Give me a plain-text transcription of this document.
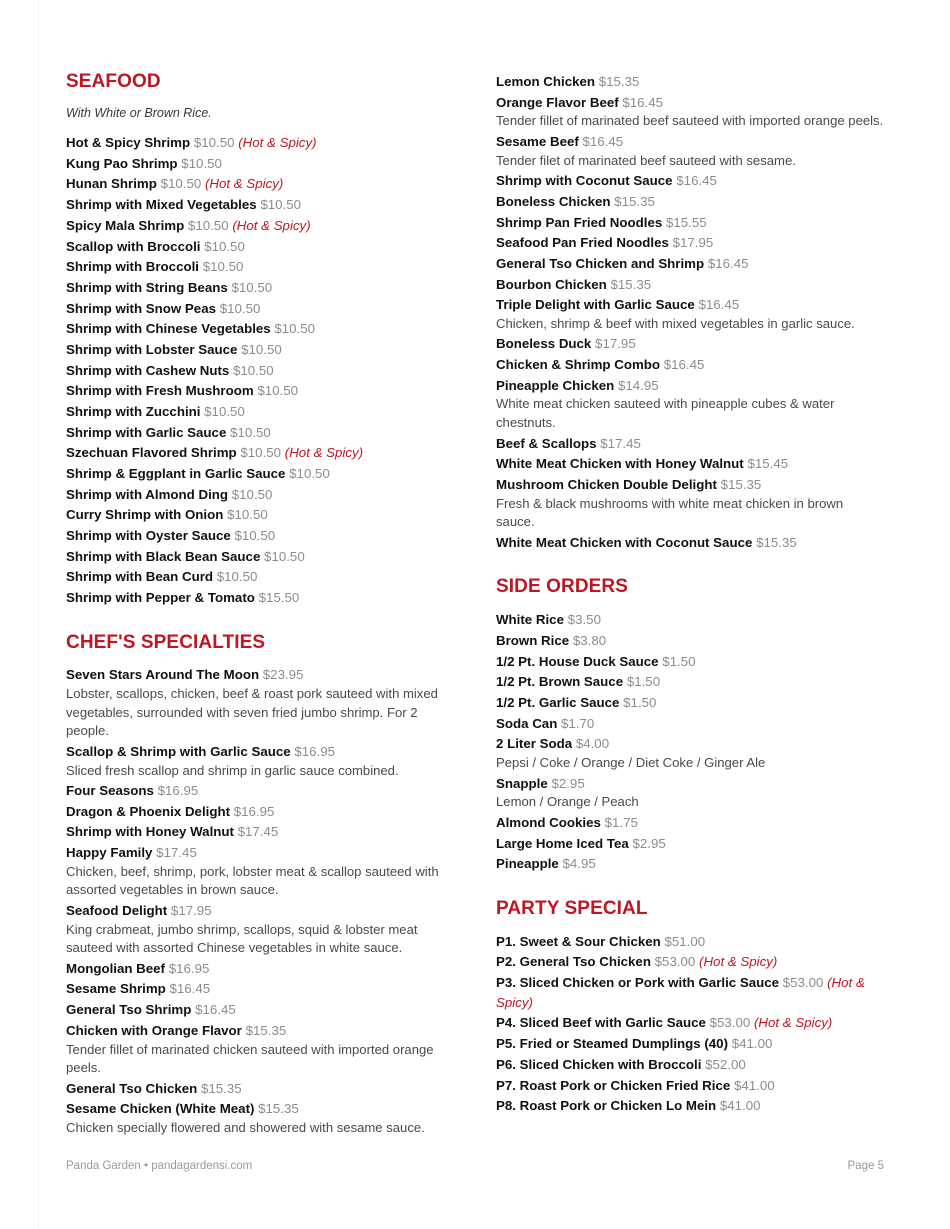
SEAFOOD

With White or Brown Rice.

Hot & Spicy Shrimp $10.50 (Hot & Spicy)
Kung Pao Shrimp $10.50
Hunan Shrimp $10.50 (Hot & Spicy)
Shrimp with Mixed Vegetables $10.50
Spicy Mala Shrimp $10.50 (Hot & Spicy)
Scallop with Broccoli $10.50
Shrimp with Broccoli $10.50
Shrimp with String Beans $10.50
Shrimp with Snow Peas $10.50
Shrimp with Chinese Vegetables $10.50
Shrimp with Lobster Sauce $10.50
Shrimp with Cashew Nuts $10.50
Shrimp with Fresh Mushroom $10.50
Shrimp with Zucchini $10.50
Shrimp with Garlic Sauce $10.50
Szechuan Flavored Shrimp $10.50 (Hot & Spicy)
Shrimp & Eggplant in Garlic Sauce $10.50
Shrimp with Almond Ding $10.50
Curry Shrimp with Onion $10.50
Shrimp with Oyster Sauce $10.50
Shrimp with Black Bean Sauce $10.50
Shrimp with Bean Curd $10.50
Shrimp with Pepper & Tomato $15.50
CHEF'S SPECIALTIES
Seven Stars Around The Moon $23.95
Lobster, scallops, chicken, beef & roast pork sauteed with mixed vegetables, surrounded with seven fried jumbo shrimp. For 2 people.
Scallop & Shrimp with Garlic Sauce $16.95
Sliced fresh scallop and shrimp in garlic sauce combined.
Four Seasons $16.95
Dragon & Phoenix Delight $16.95
Shrimp with Honey Walnut $17.45
Happy Family $17.45
Chicken, beef, shrimp, pork, lobster meat & scallop sauteed with assorted vegetables in brown sauce.
Seafood Delight $17.95
King crabmeat, jumbo shrimp, scallops, squid & lobster meat sauteed with assorted Chinese vegetables in white sauce.
Mongolian Beef $16.95
Sesame Shrimp $16.45
General Tso Shrimp $16.45
Chicken with Orange Flavor $15.35
Tender fillet of marinated chicken sauteed with imported orange peels.
General Tso Chicken $15.35
Sesame Chicken (White Meat) $15.35
Chicken specially flowered and showered with sesame sauce.
Lemon Chicken $15.35
Orange Flavor Beef $16.45
Tender fillet of marinated beef sauteed with imported orange peels.
Sesame Beef $16.45
Tender filet of marinated beef sauteed with sesame.
Shrimp with Coconut Sauce $16.45
Boneless Chicken $15.35
Shrimp Pan Fried Noodles $15.55
Seafood Pan Fried Noodles $17.95
General Tso Chicken and Shrimp $16.45
Bourbon Chicken $15.35
Triple Delight with Garlic Sauce $16.45
Chicken, shrimp & beef with mixed vegetables in garlic sauce.
Boneless Duck $17.95
Chicken & Shrimp Combo $16.45
Pineapple Chicken $14.95
White meat chicken sauteed with pineapple cubes & water chestnuts.
Beef & Scallops $17.45
White Meat Chicken with Honey Walnut $15.45
Mushroom Chicken Double Delight $15.35
Fresh & black mushrooms with white meat chicken in brown sauce.
White Meat Chicken with Coconut Sauce $15.35
SIDE ORDERS
White Rice $3.50
Brown Rice $3.80
1/2 Pt. House Duck Sauce $1.50
1/2 Pt. Brown Sauce $1.50
1/2 Pt. Garlic Sauce $1.50
Soda Can $1.70
2 Liter Soda $4.00
Pepsi / Coke / Orange / Diet Coke / Ginger Ale
Snapple $2.95
Lemon / Orange / Peach
Almond Cookies $1.75
Large Home Iced Tea $2.95
Pineapple $4.95
PARTY SPECIAL
P1. Sweet & Sour Chicken $51.00
P2. General Tso Chicken $53.00 (Hot & Spicy)
P3. Sliced Chicken or Pork with Garlic Sauce $53.00 (Hot & Spicy)
P4. Sliced Beef with Garlic Sauce $53.00 (Hot & Spicy)
P5. Fried or Steamed Dumplings (40) $41.00
P6. Sliced Chicken with Broccoli $52.00
P7. Roast Pork or Chicken Fried Rice $41.00
P8. Roast Pork or Chicken Lo Mein $41.00
Panda Garden • pandagardensi.com	Page 5
